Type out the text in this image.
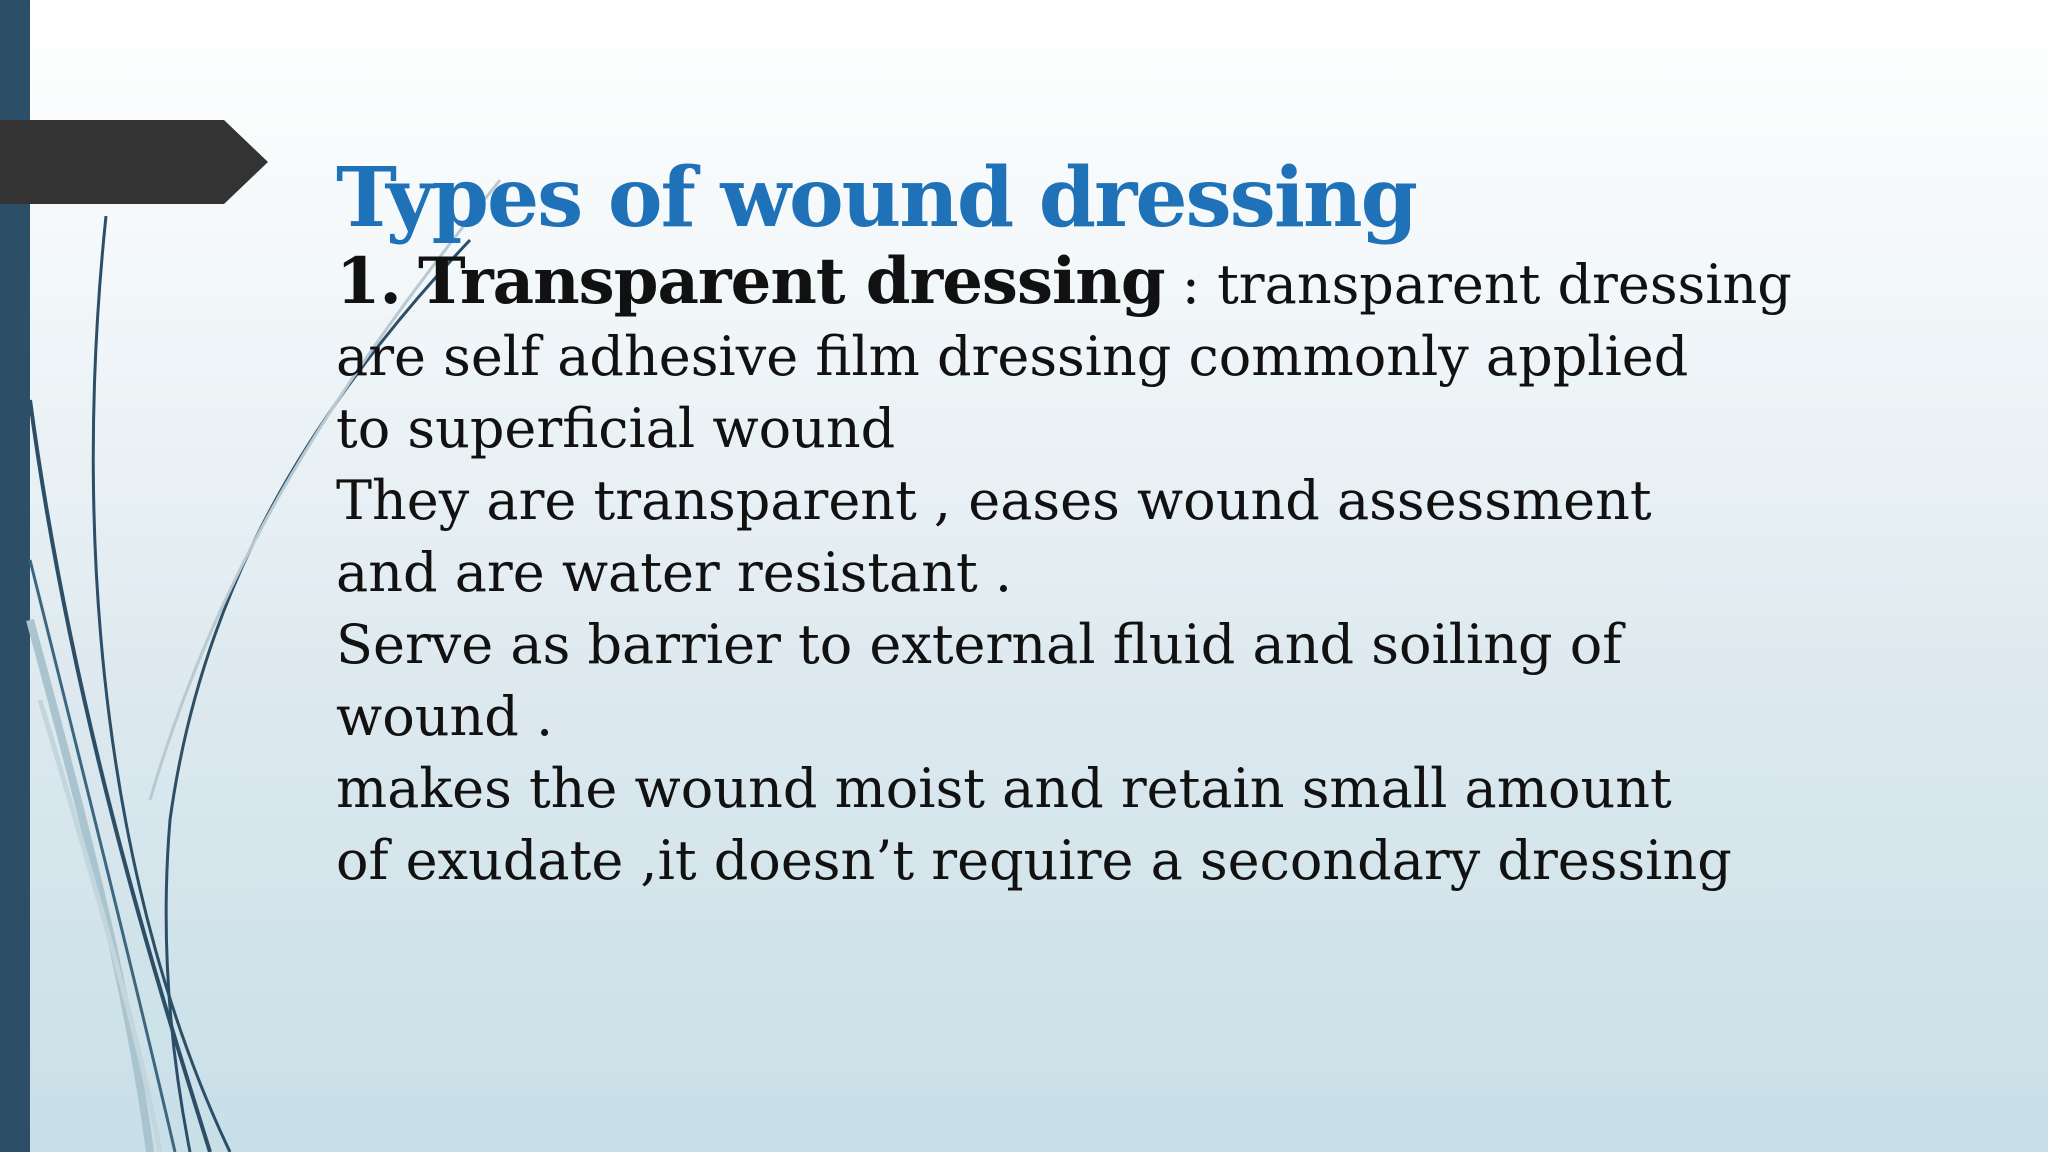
Types of wound dressing

1. Transparent dressing : transparent dressing
are self adhesive film dressing commonly applied
to superficial wound
They are transparent , eases wound assessment
and are water resistant .
Serve as barrier to external fluid and soiling of
wound .
makes the wound moist and retain small amount
of exudate ,it doesn’t require a secondary dressing
